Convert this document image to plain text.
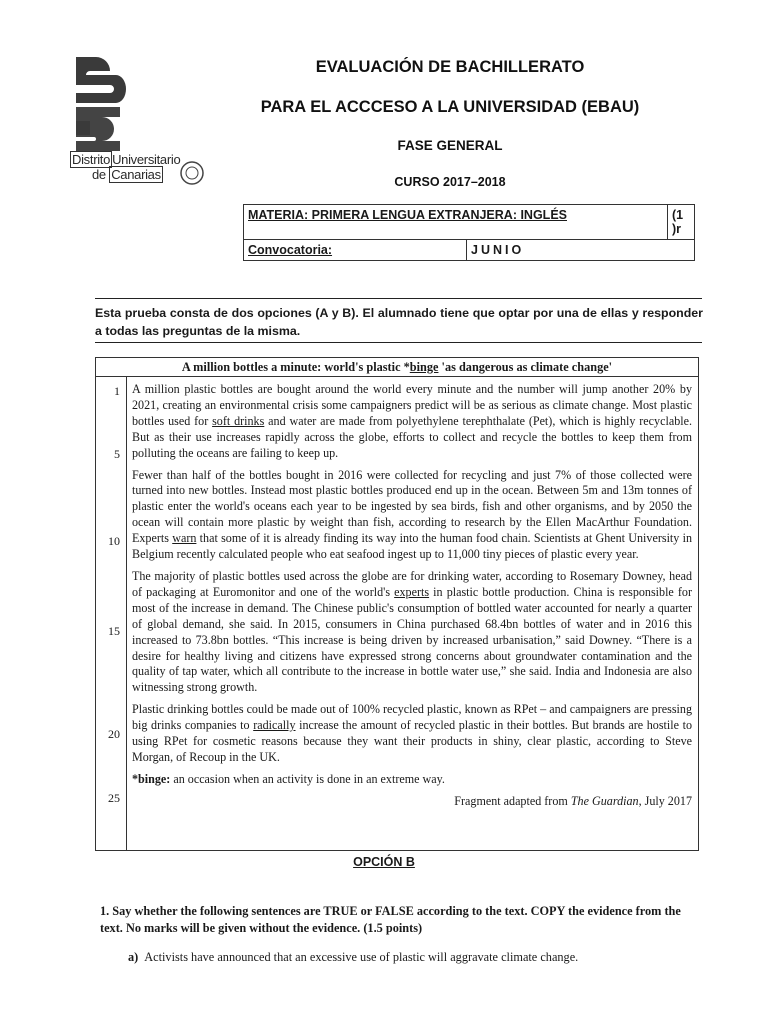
Distrito Universitario
de Canarias
EVALUACIÓN DE BACHILLERATO
PARA EL ACCCESO A LA UNIVERSIDAD (EBAU)
FASE GENERAL
CURSO 2017–2018
MATERIA: PRIMERA LENGUA EXTRANJERA: INGLÉS		(1
)r
Convocatoria:	JUNIO	
Esta prueba consta de dos opciones (A y B). El alumnado tiene que optar por una de ellas y responder a todas las preguntas de la misma.
A million bottles a minute: world's plastic *binge 'as dangerous as climate change'
1
5
10
15
20
25

A million plastic bottles are bought around the world every minute and the number will jump another 20% by 2021, creating an environmental crisis some campaigners predict will be as serious as climate change. Most plastic bottles used for soft drinks and water are made from polyethylene terephthalate (Pet), which is highly recyclable. But as their use increases rapidly across the globe, efforts to collect and recycle the bottles to keep them from polluting the oceans are failing to keep up.

Fewer than half of the bottles bought in 2016 were collected for recycling and just 7% of those collected were turned into new bottles. Instead most plastic bottles produced end up in the ocean. Between 5m and 13m tonnes of plastic enter the world's oceans each year to be ingested by sea birds, fish and other organisms, and by 2050 the ocean will contain more plastic by weight than fish, according to research by the Ellen MacArthur Foundation. Experts warn that some of it is already finding its way into the human food chain. Scientists at Ghent University in Belgium recently calculated people who eat seafood ingest up to 11,000 tiny pieces of plastic every year.

The majority of plastic bottles used across the globe are for drinking water, according to Rosemary Downey, head of packaging at Euromonitor and one of the world's experts in plastic bottle production. China is responsible for most of the increase in demand. The Chinese public's consumption of bottled water accounted for nearly a quarter of global demand, she said. In 2015, consumers in China purchased 68.4bn bottles of water and in 2016 this increased to 73.8bn bottles. “This increase is being driven by increased urbanisation,” said Downey. “There is a desire for healthy living and citizens have expressed strong concerns about groundwater contamination and the quality of tap water, which all contribute to the increase in bottle water use,” she said. India and Indonesia are also witnessing strong growth.

Plastic drinking bottles could be made out of 100% recycled plastic, known as RPet – and campaigners are pressing big drinks companies to radically increase the amount of recycled plastic in their bottles. But brands are hostile to using RPet for cosmetic reasons because they want their products in shiny, clear plastic, according to Steve Morgan, of Recoup in the UK.

*binge: an occasion when an activity is done in an extreme way.

Fragment adapted from The Guardian, July 2017

OPCIÓN B
1. Say whether the following sentences are TRUE or FALSE according to the text. COPY the evidence from the text. No marks will be given without the evidence. (1.5 points)
a) Activists have announced that an excessive use of plastic will aggravate climate change.
